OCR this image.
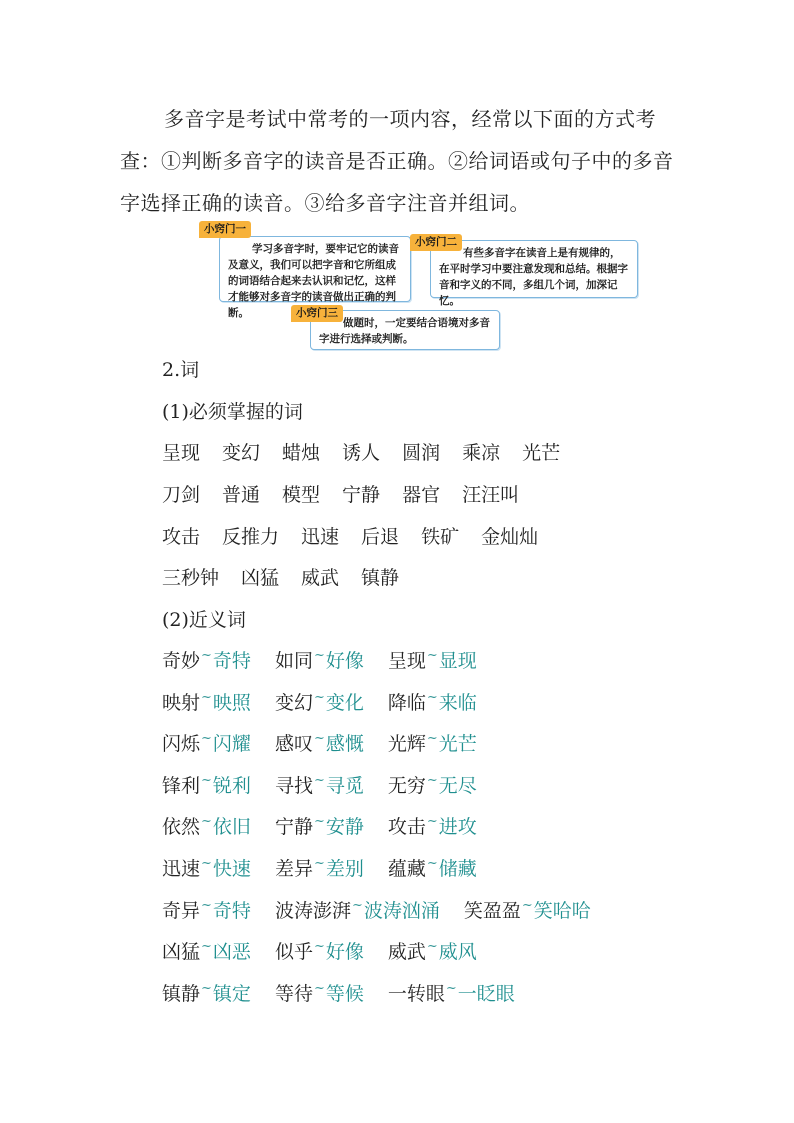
多音字是考试中常考的一项内容，经常以下面的方式考查：①判断多音字的读音是否正确。②给词语或句子中的多音字选择正确的读音。③给多音字注音并组词。
学习多音字时，要牢记它的读音及意义，我们可以把字音和它所组成的词语结合起来去认识和记忆，这样才能够对多音字的读音做出正确的判断。
小窍门一
有些多音字在读音上是有规律的，在平时学习中要注意发现和总结。根据字音和字义的不同，多组几个词，加深记忆。
小窍门二
做题时，一定要结合语境对多音字进行选择或判断。
小窍门三
2.词
(1)必须掌握的词
呈现 变幻 蜡烛 诱人 圆润 乘凉 光芒
刀剑 普通 模型 宁静 器官 汪汪叫
攻击 反推力 迅速 后退 铁矿 金灿灿
三秒钟 凶猛 威武 镇静
(2)近义词
奇妙~奇特 如同~好像 呈现~显现
映射~映照 变幻~变化 降临~来临
闪烁~闪耀 感叹~感慨 光辉~光芒
锋利~锐利 寻找~寻觅 无穷~无尽
依然~依旧 宁静~安静 攻击~进攻
迅速~快速 差异~差别 蕴藏~储藏
奇异~奇特 波涛澎湃~波涛汹涌 笑盈盈~笑哈哈
凶猛~凶恶 似乎~好像 威武~威风
镇静~镇定 等待~等候 一转眼~一眨眼
